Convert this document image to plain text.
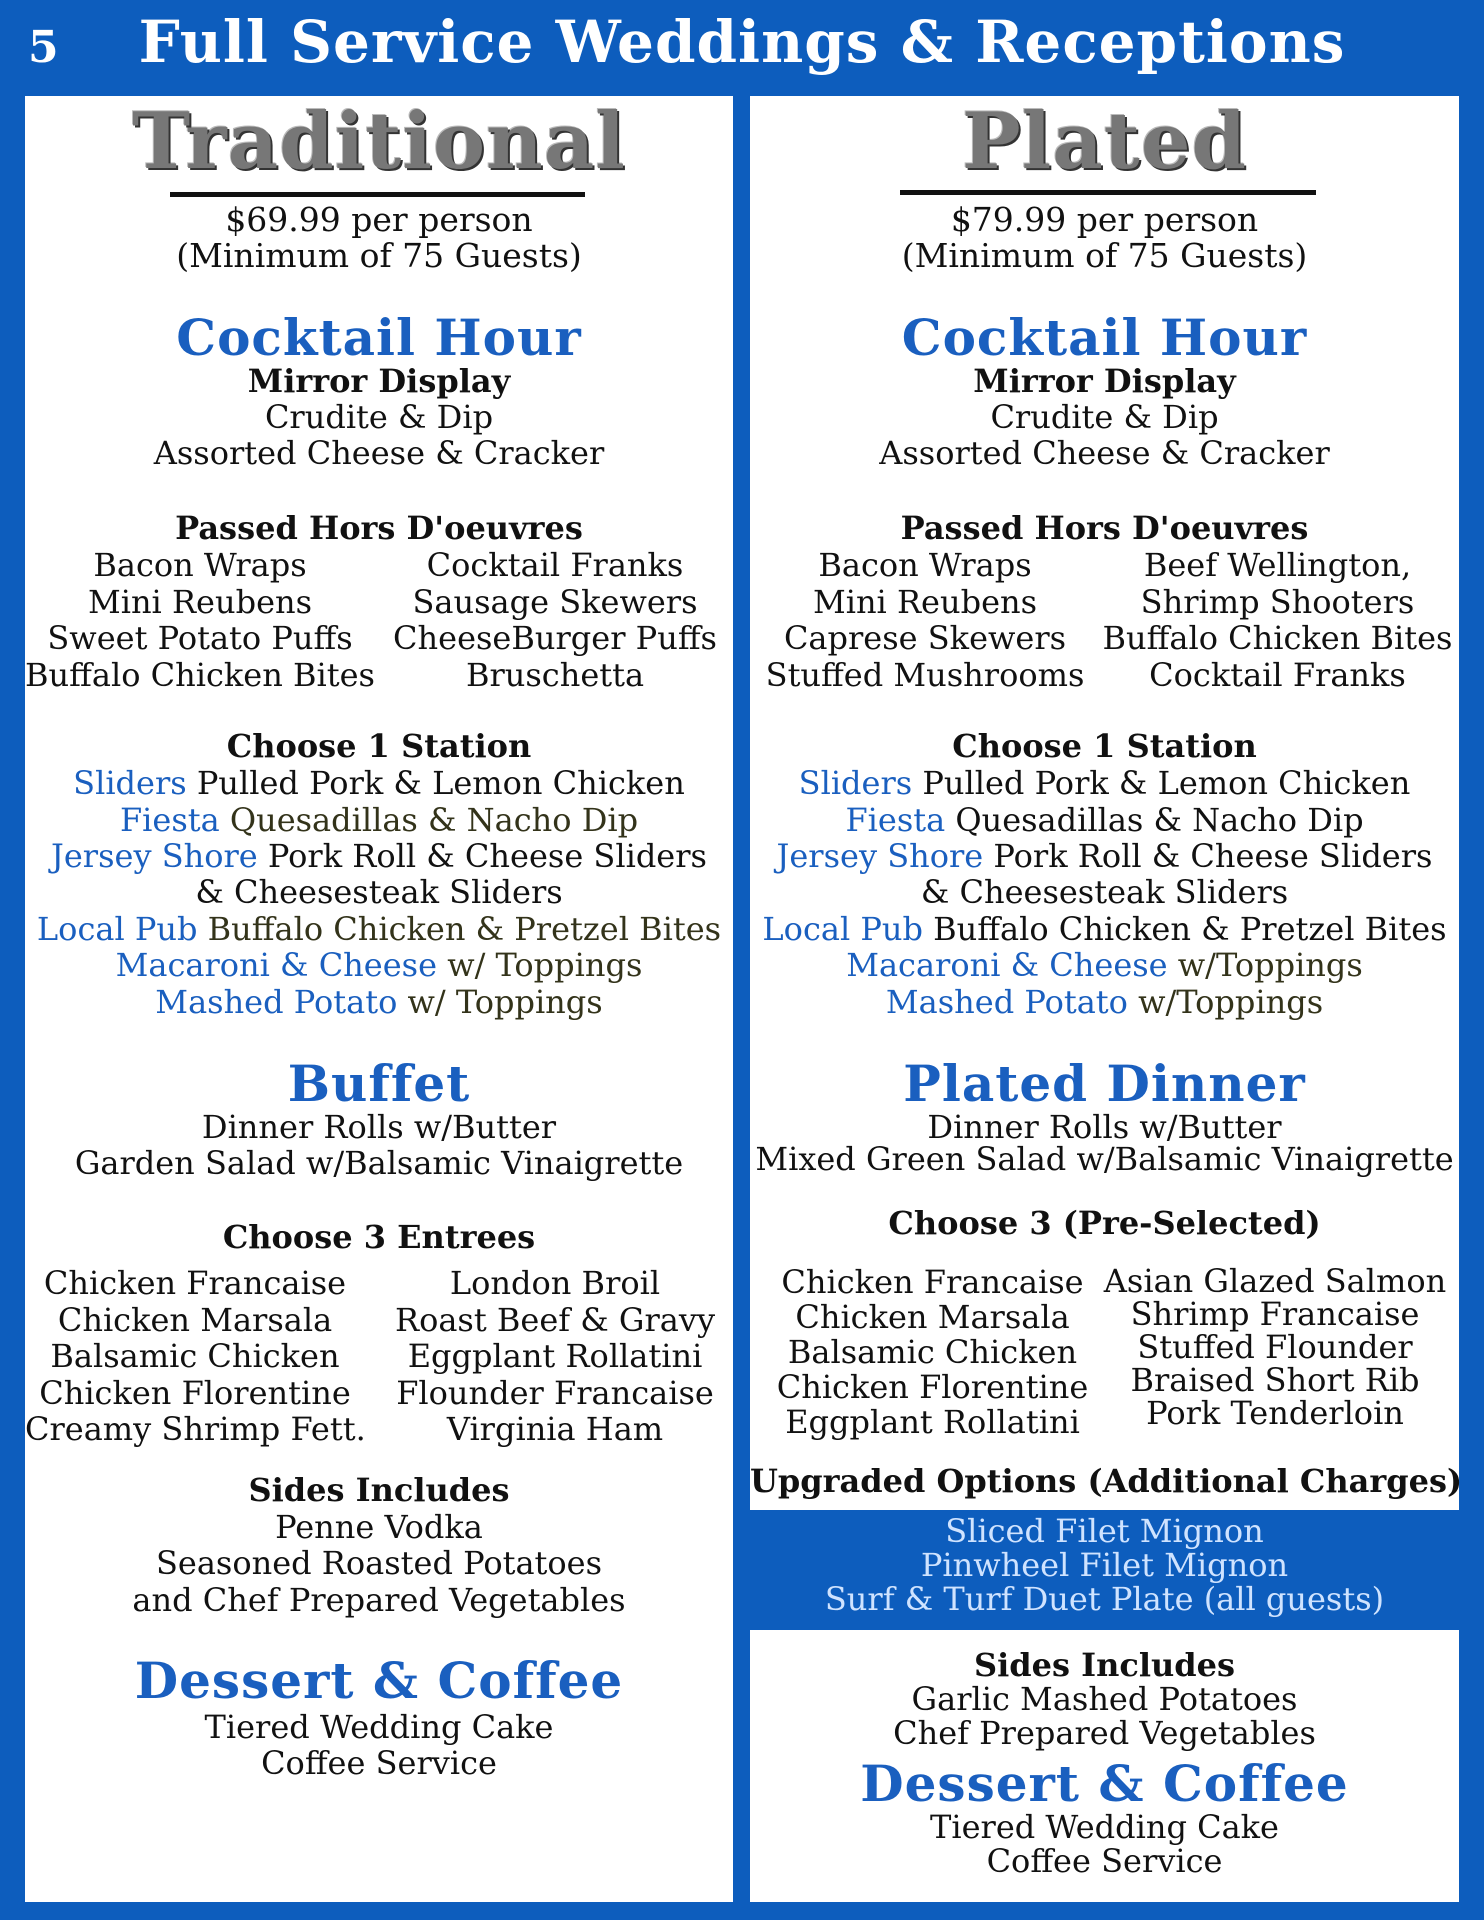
5	Full Service Weddings & Receptions
Traditional
$69.99 per person
(Minimum of 75 Guests)
Cocktail Hour
Mirror Display
Crudite & Dip
Assorted Cheese & Cracker
Passed Hors D'oeuvres
Bacon Wraps
Mini Reubens
Sweet Potato Puffs
Buffalo Chicken Bites
Cocktail Franks
Sausage Skewers
CheeseBurger Puffs
Bruschetta
Choose 1 Station
Sliders Pulled Pork & Lemon Chicken
Fiesta Quesadillas & Nacho Dip
Jersey Shore Pork Roll & Cheese Sliders
& Cheesesteak Sliders
Local Pub Buffalo Chicken & Pretzel Bites
Macaroni & Cheese w/ Toppings
Mashed Potato w/ Toppings
Buffet
Dinner Rolls w/Butter
Garden Salad w/Balsamic Vinaigrette
Choose 3 Entrees
Chicken Francaise
Chicken Marsala
Balsamic Chicken
Chicken Florentine
Creamy Shrimp Fett.
London Broil
Roast Beef & Gravy
Eggplant Rollatini
Flounder Francaise
Virginia Ham
Sides Includes
Penne Vodka
Seasoned Roasted Potatoes
and Chef Prepared Vegetables
Dessert & Coffee
Tiered Wedding Cake
Coffee Service
Plated
$79.99 per person
(Minimum of 75 Guests)
Cocktail Hour
Mirror Display
Crudite & Dip
Assorted Cheese & Cracker
Passed Hors D'oeuvres
Bacon Wraps
Mini Reubens
Caprese Skewers
Stuffed Mushrooms
Beef Wellington,
Shrimp Shooters
Buffalo Chicken Bites
Cocktail Franks
Choose 1 Station
Sliders Pulled Pork & Lemon Chicken
Fiesta Quesadillas & Nacho Dip
Jersey Shore Pork Roll & Cheese Sliders
& Cheesesteak Sliders
Local Pub Buffalo Chicken & Pretzel Bites
Macaroni & Cheese w/Toppings
Mashed Potato w/Toppings
Plated Dinner
Dinner Rolls w/Butter
Mixed Green Salad w/Balsamic Vinaigrette
Choose 3 (Pre-Selected)
Chicken Francaise
Chicken Marsala
Balsamic Chicken
Chicken Florentine
Eggplant Rollatini
Asian Glazed Salmon
Shrimp Francaise
Stuffed Flounder
Braised Short Rib
Pork Tenderloin
Upgraded Options (Additional Charges)
Sliced Filet Mignon
Pinwheel Filet Mignon
Surf & Turf Duet Plate (all guests)
Sides Includes
Garlic Mashed Potatoes
Chef Prepared Vegetables
Dessert & Coffee
Tiered Wedding Cake
Coffee Service
